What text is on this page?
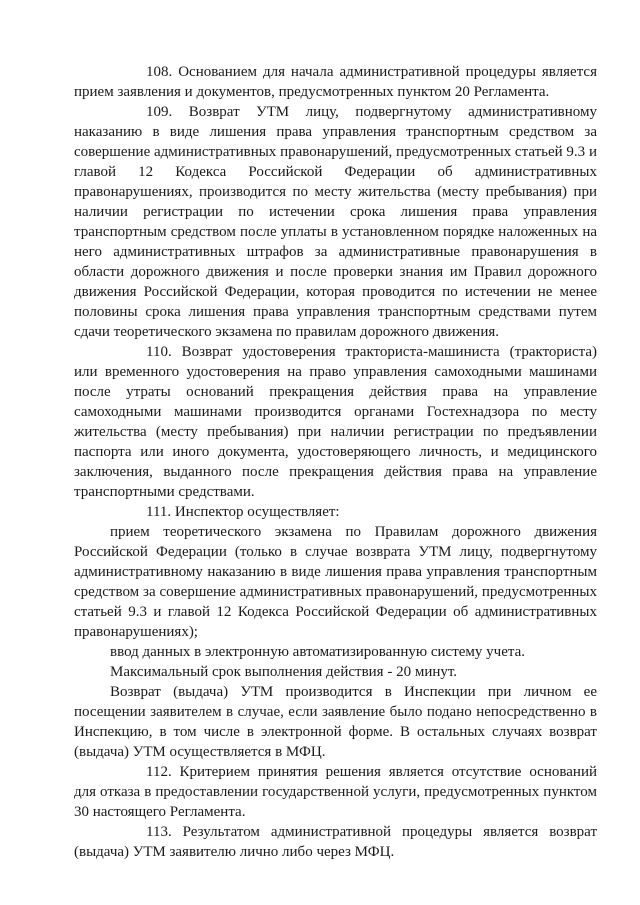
108. Основанием для начала административной процедуры является прием заявления и документов, предусмотренных пунктом 20 Регламента.

109. Возврат УТМ лицу, подвергнутому административному наказанию в виде лишения права управления транспортным средством за совершение административных правонарушений, предусмотренных статьей 9.3 и главой 12 Кодекса Российской Федерации об административных правонарушениях, производится по месту жительства (месту пребывания) при наличии регистрации по истечении срока лишения права управления транспортным средством после уплаты в установленном порядке наложенных на него административных штрафов за административные правонарушения в области дорожного движения и после проверки знания им Правил дорожного движения Российской Федерации, которая проводится по истечении не менее половины срока лишения права управления транспортным средствами путем сдачи теоретического экзамена по правилам дорожного движения.

110. Возврат удостоверения тракториста-машиниста (тракториста) или временного удостоверения на право управления самоходными машинами после утраты оснований прекращения действия права на управление самоходными машинами производится органами Гостехнадзора по месту жительства (месту пребывания) при наличии регистрации по предъявлении паспорта или иного документа, удостоверяющего личность, и медицинского заключения, выданного после прекращения действия права на управление транспортными средствами.

111. Инспектор осуществляет:

прием теоретического экзамена по Правилам дорожного движения Российской Федерации (только в случае возврата УТМ лицу, подвергнутому административному наказанию в виде лишения права управления транспортным средством за совершение административных правонарушений, предусмотренных статьей 9.3 и главой 12 Кодекса Российской Федерации об административных правонарушениях);

ввод данных в электронную автоматизированную систему учета.

Максимальный срок выполнения действия - 20 минут.

Возврат (выдача) УТМ производится в Инспекции при личном ее посещении заявителем в случае, если заявление было подано непосредственно в Инспекцию, в том числе в электронной форме. В остальных случаях возврат (выдача) УТМ осуществляется в МФЦ.

112. Критерием принятия решения является отсутствие оснований для отказа в предоставлении государственной услуги, предусмотренных пунктом 30 настоящего Регламента.

113. Результатом административной процедуры является возврат (выдача) УТМ заявителю лично либо через МФЦ.
